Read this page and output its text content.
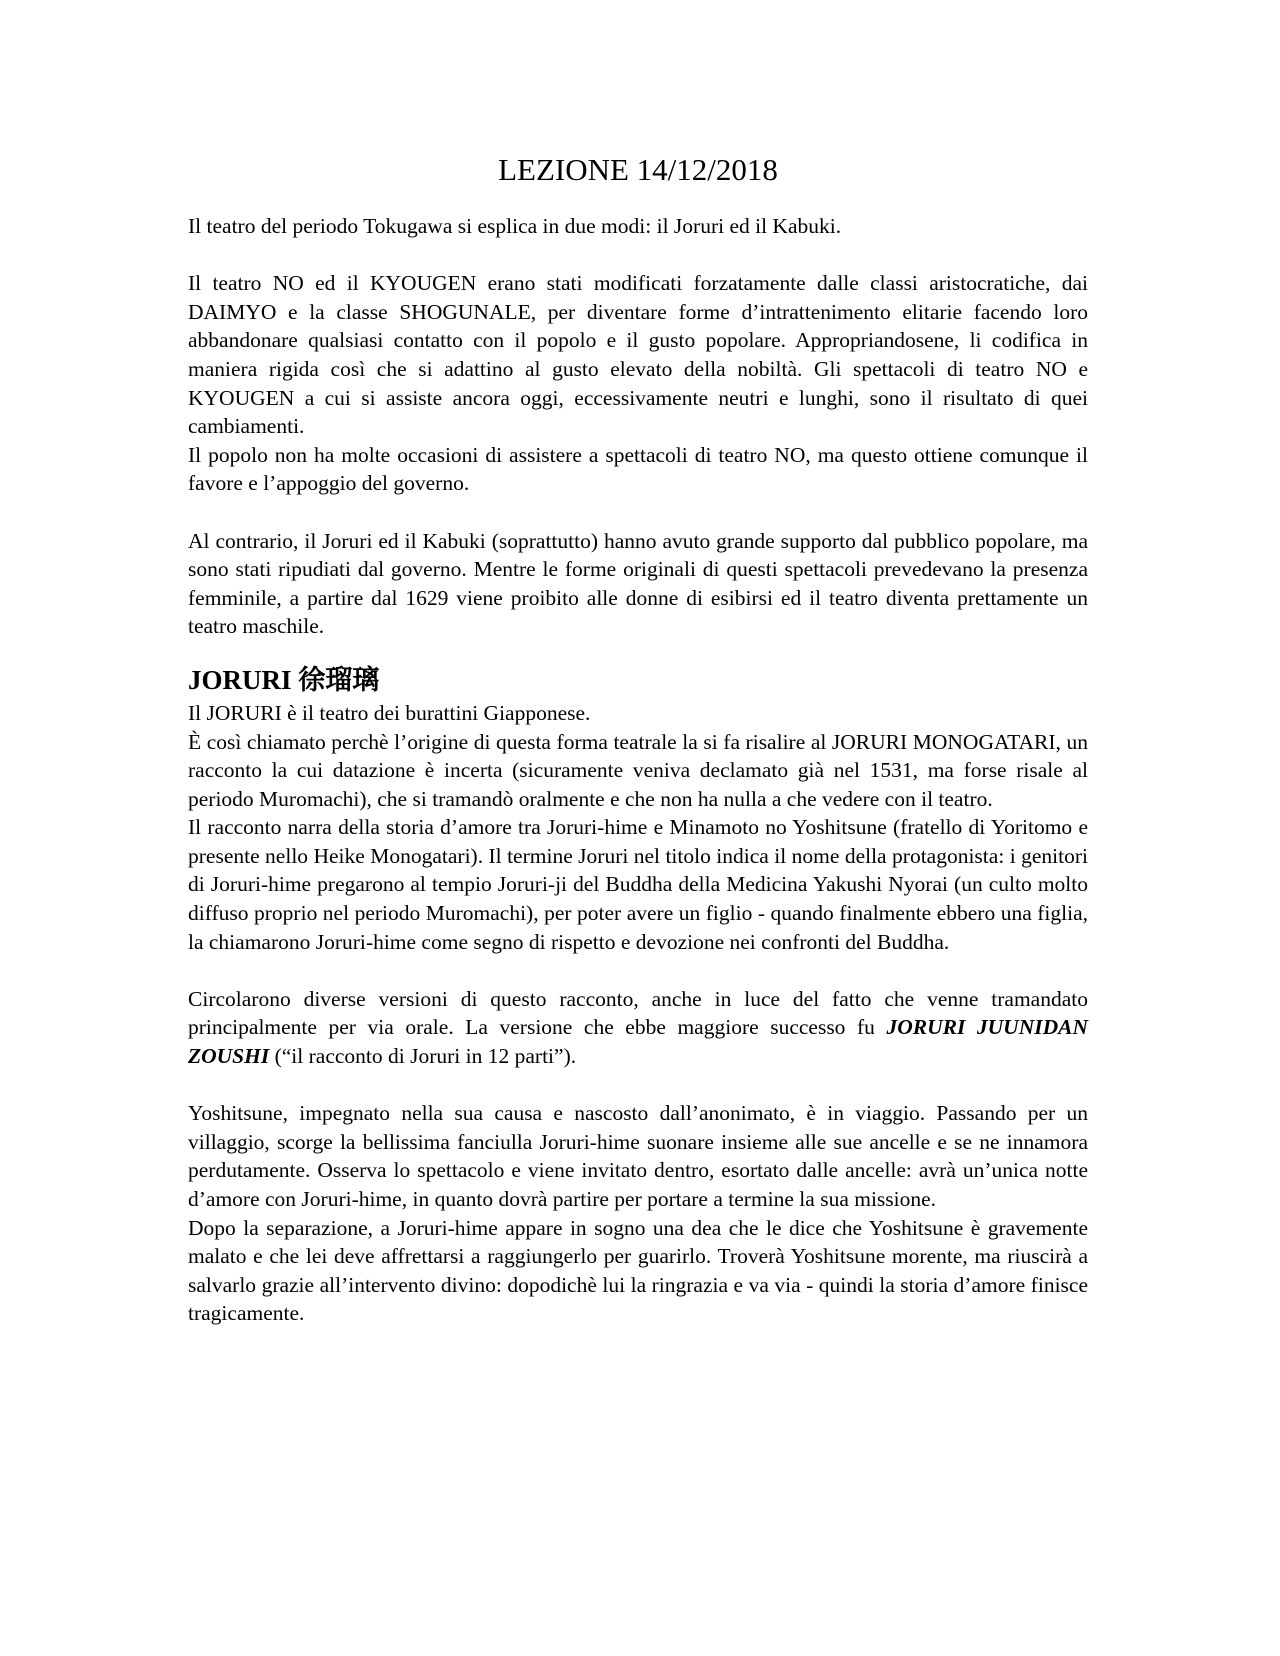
LEZIONE 14/12/2018

Il teatro del periodo Tokugawa si esplica in due modi: il Joruri ed il Kabuki.

Il teatro NO ed il KYOUGEN erano stati modificati forzatamente dalle classi aristocratiche, dai DAIMYO e la classe SHOGUNALE, per diventare forme d’intrattenimento elitarie facendo loro abbandonare qualsiasi contatto con il popolo e il gusto popolare. Appropriandosene, li codifica in maniera rigida così che si adattino al gusto elevato della nobiltà. Gli spettacoli di teatro NO e KYOUGEN a cui si assiste ancora oggi, eccessivamente neutri e lunghi, sono il risultato di quei cambiamenti.

Il popolo non ha molte occasioni di assistere a spettacoli di teatro NO, ma questo ottiene comunque il favore e l’appoggio del governo.

Al contrario, il Joruri ed il Kabuki (soprattutto) hanno avuto grande supporto dal pubblico popolare, ma sono stati ripudiati dal governo. Mentre le forme originali di questi spettacoli prevedevano la presenza femminile, a partire dal 1629 viene proibito alle donne di esibirsi ed il teatro diventa prettamente un teatro maschile.

JORURI 徐瑠璃

Il JORURI è il teatro dei burattini Giapponese.

È così chiamato perchè l’origine di questa forma teatrale la si fa risalire al JORURI MONOGATARI, un racconto la cui datazione è incerta (sicuramente veniva declamato già nel 1531, ma forse risale al periodo Muromachi), che si tramandò oralmente e che non ha nulla a che vedere con il teatro.

Il racconto narra della storia d’amore tra Joruri-hime e Minamoto no Yoshitsune (fratello di Yoritomo e presente nello Heike Monogatari). Il termine Joruri nel titolo indica il nome della protagonista: i genitori di Joruri-hime pregarono al tempio Joruri-ji del Buddha della Medicina Yakushi Nyorai (un culto molto diffuso proprio nel periodo Muromachi), per poter avere un figlio - quando finalmente ebbero una figlia, la chiamarono Joruri-hime come segno di rispetto e devozione nei confronti del Buddha.

Circolarono diverse versioni di questo racconto, anche in luce del fatto che venne tramandato principalmente per via orale. La versione che ebbe maggiore successo fu JORURI JUUNIDAN ZOUSHI (“il racconto di Joruri in 12 parti”).

Yoshitsune, impegnato nella sua causa e nascosto dall’anonimato, è in viaggio. Passando per un villaggio, scorge la bellissima fanciulla Joruri-hime suonare insieme alle sue ancelle e se ne innamora perdutamente. Osserva lo spettacolo e viene invitato dentro, esortato dalle ancelle: avrà un’unica notte d’amore con Joruri-hime, in quanto dovrà partire per portare a termine la sua missione.

Dopo la separazione, a Joruri-hime appare in sogno una dea che le dice che Yoshitsune è gravemente malato e che lei deve affrettarsi a raggiungerlo per guarirlo. Troverà Yoshitsune morente, ma riuscirà a salvarlo grazie all’intervento divino: dopodichè lui la ringrazia e va via - quindi la storia d’amore finisce tragicamente.
